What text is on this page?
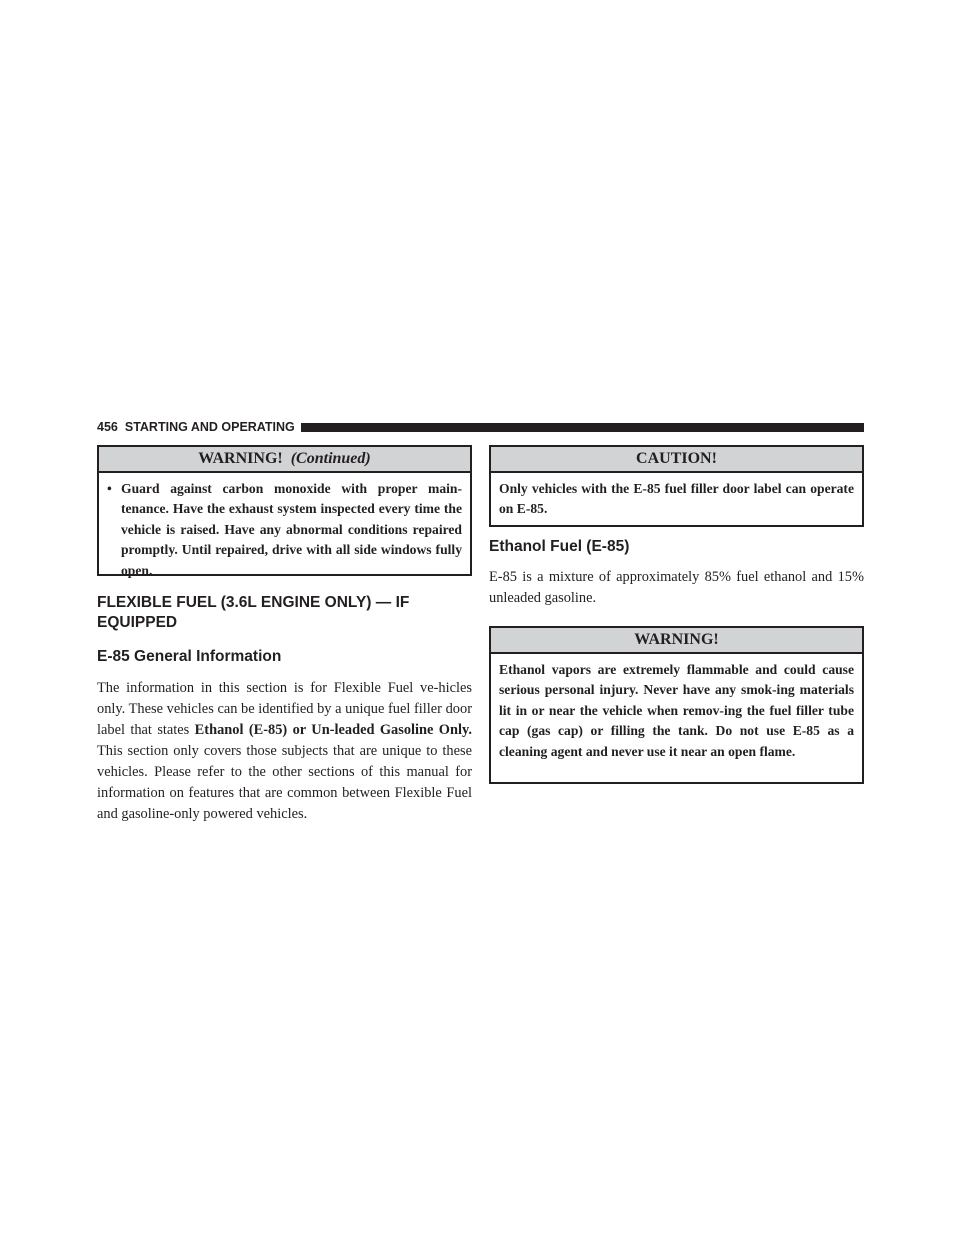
456 STARTING AND OPERATING
WARNING! (Continued)
• Guard against carbon monoxide with proper main-tenance. Have the exhaust system inspected every time the vehicle is raised. Have any abnormal conditions repaired promptly. Until repaired, drive with all side windows fully open.
FLEXIBLE FUEL (3.6L ENGINE ONLY) — IF EQUIPPED
E-85 General Information

The information in this section is for Flexible Fuel ve-hicles only. These vehicles can be identified by a unique fuel filler door label that states Ethanol (E-85) or Un-leaded Gasoline Only. This section only covers those subjects that are unique to these vehicles. Please refer to the other sections of this manual for information on features that are common between Flexible Fuel and gasoline-only powered vehicles.

CAUTION!
Only vehicles with the E-85 fuel filler door label can operate on E-85.
Ethanol Fuel (E-85)

E-85 is a mixture of approximately 85% fuel ethanol and 15% unleaded gasoline.

WARNING!
Ethanol vapors are extremely flammable and could cause serious personal injury. Never have any smok-ing materials lit in or near the vehicle when remov-ing the fuel filler tube cap (gas cap) or filling the tank. Do not use E-85 as a cleaning agent and never use it near an open flame.
